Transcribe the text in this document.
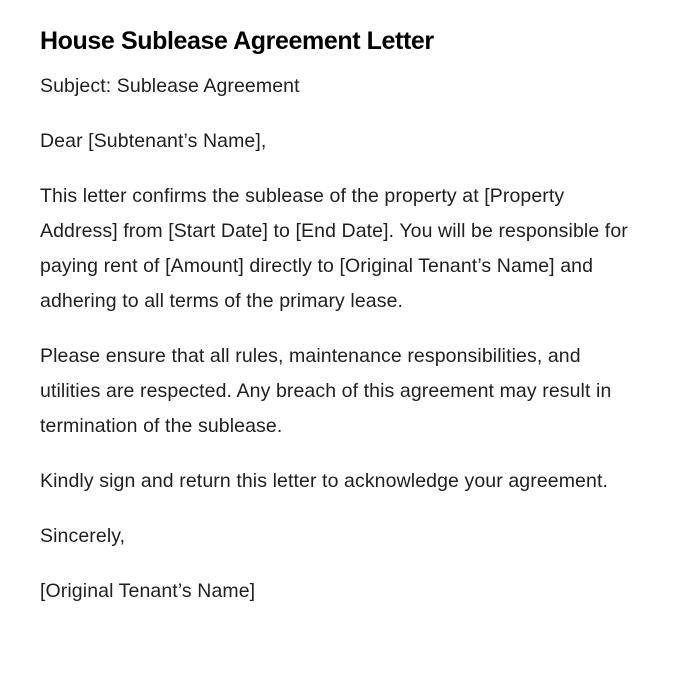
House Sublease Agreement Letter

Subject: Sublease Agreement

Dear [Subtenant’s Name],

This letter confirms the sublease of the property at [Property Address] from [Start Date] to [End Date]. You will be responsible for paying rent of [Amount] directly to [Original Tenant’s Name] and adhering to all terms of the primary lease.

Please ensure that all rules, maintenance responsibilities, and utilities are respected. Any breach of this agreement may result in termination of the sublease.

Kindly sign and return this letter to acknowledge your agreement.

Sincerely,

[Original Tenant’s Name]
